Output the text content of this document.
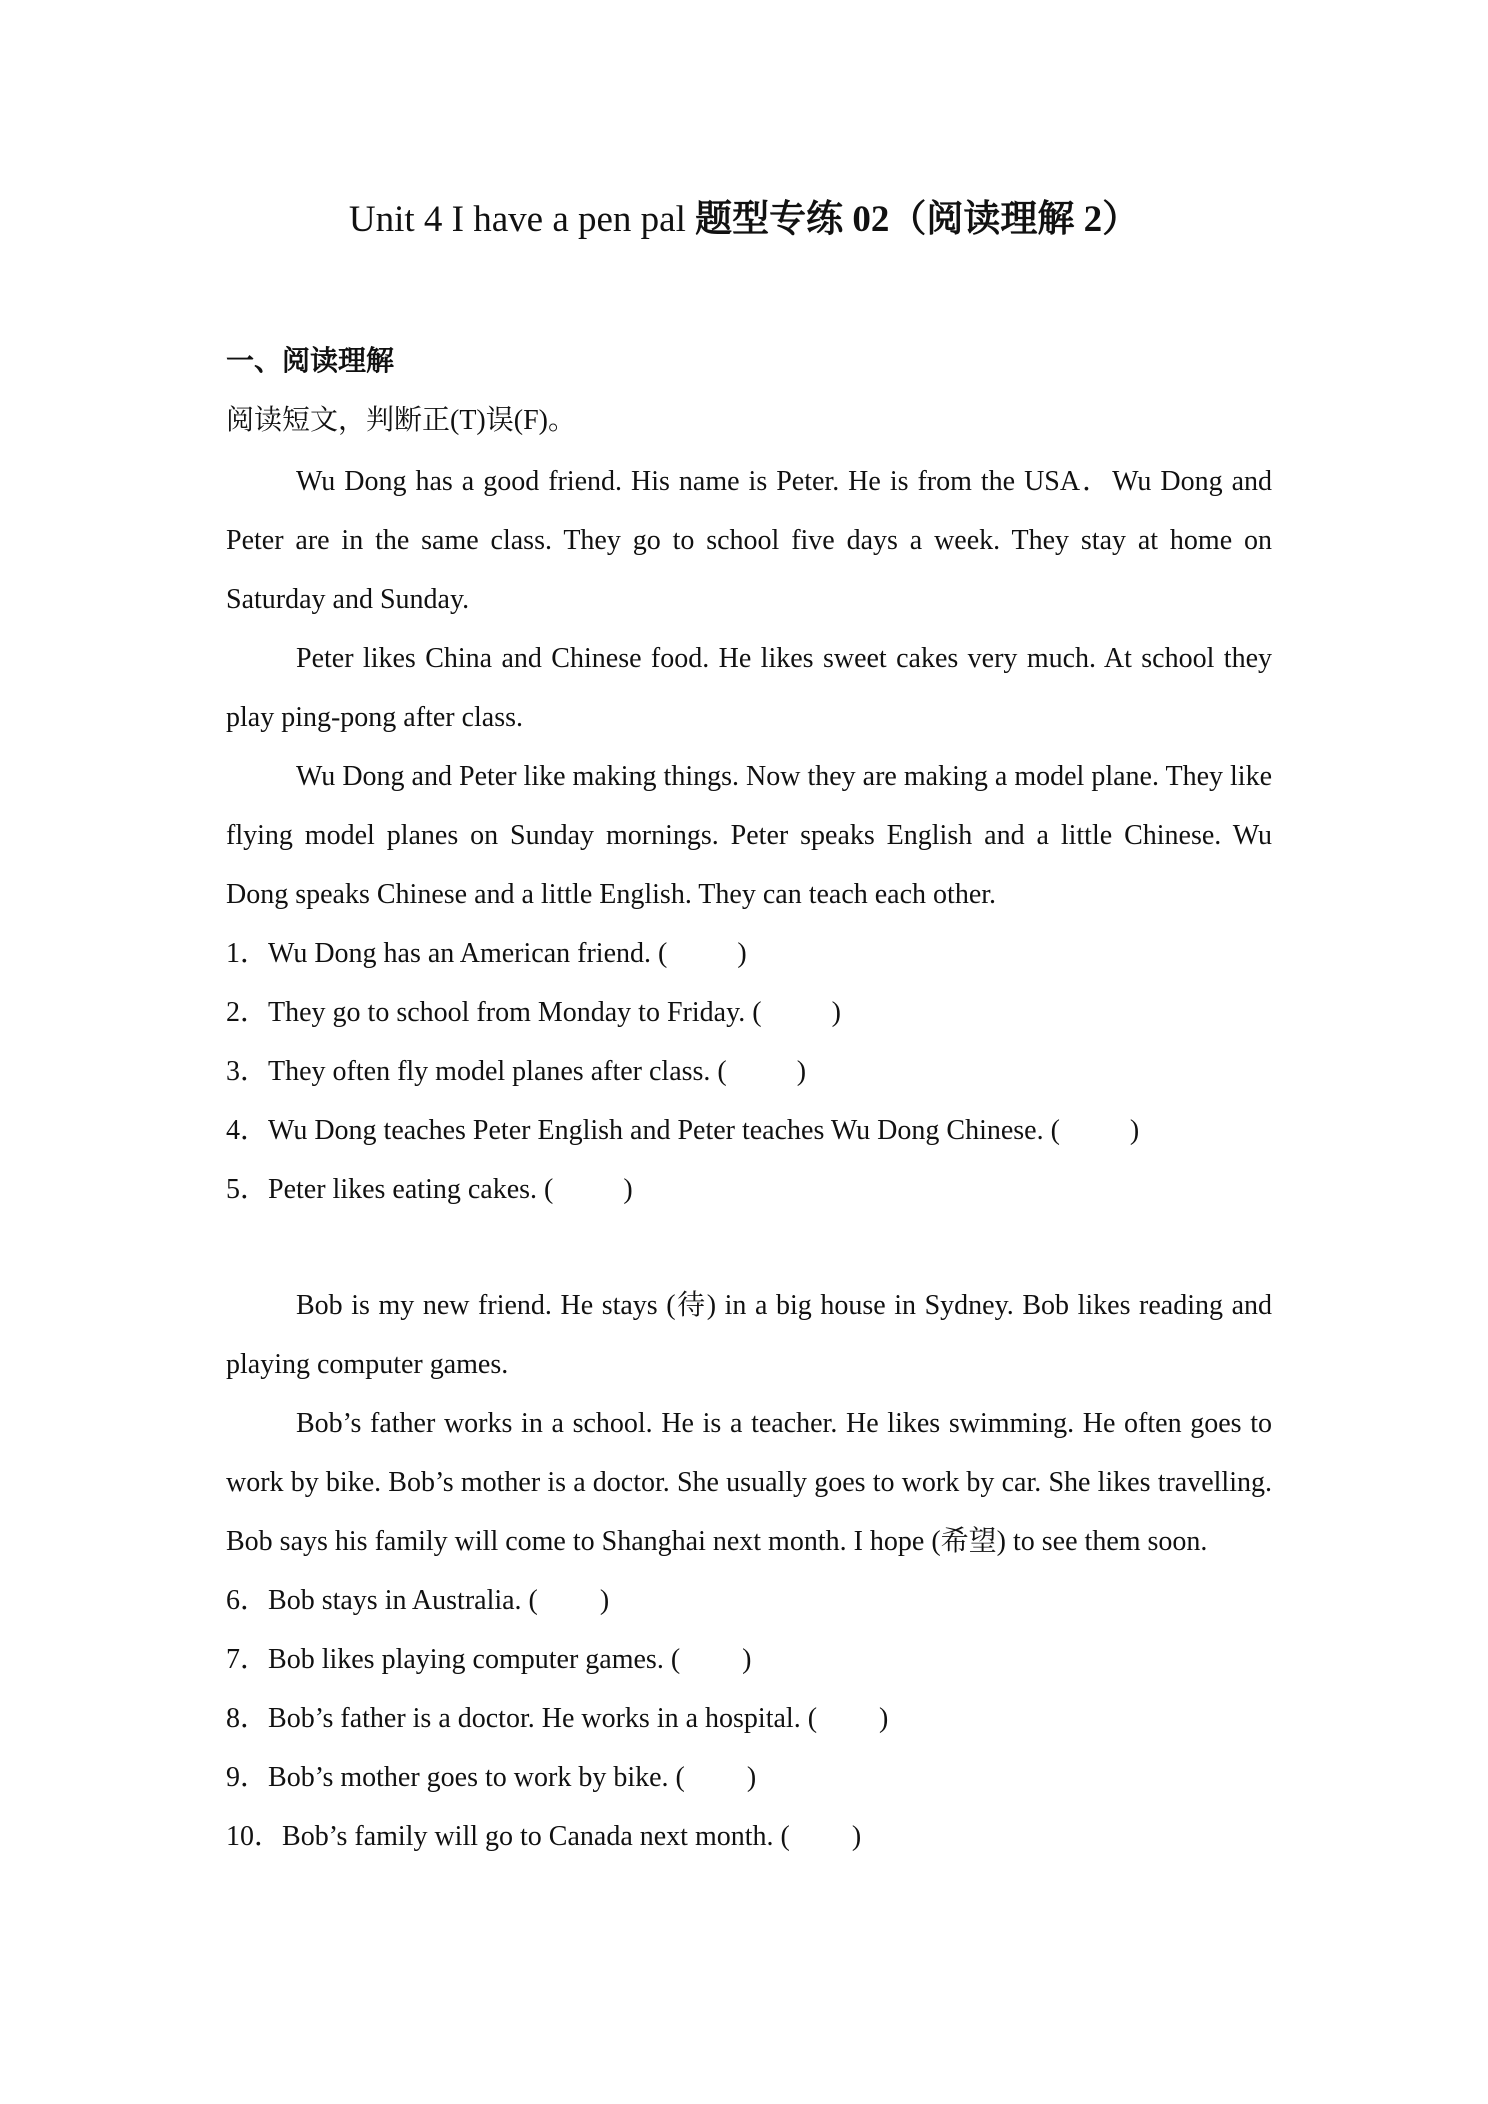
Unit 4 I have a pen pal 题型专练 02（阅读理解 2）
一、阅读理解
阅读短文，判断正(T)误(F)。

Wu Dong has a good friend. His name is Peter. He is from the USA．Wu Dong and Peter are in the same class. They go to school five days a week. They stay at home on Saturday and Sunday.

Peter likes China and Chinese food. He likes sweet cakes very much. At school they play ping-pong after class.

Wu Dong and Peter like making things. Now they are making a model plane. They like flying model planes on Sunday mornings. Peter speaks English and a little Chinese. Wu Dong speaks Chinese and a little English. They can teach each other.

1．Wu Dong has an American friend. (	)

2．They go to school from Monday to Friday. (	)

3．They often fly model planes after class. (	)

4．Wu Dong teaches Peter English and Peter teaches Wu Dong Chinese. (	)

5．Peter likes eating cakes. (	)

Bob is my new friend. He stays (待) in a big house in Sydney. Bob likes reading and playing computer games.

Bob’s father works in a school. He is a teacher. He likes swimming. He often goes to work by bike. Bob’s mother is a doctor. She usually goes to work by car. She likes travelling. Bob says his family will come to Shanghai next month. I hope (希望) to see them soon.

6．Bob stays in Australia. ( )

7．Bob likes playing computer games. ( )

8．Bob’s father is a doctor. He works in a hospital. ( )

9．Bob’s mother goes to work by bike. ( )

10．Bob’s family will go to Canada next month. ( )
